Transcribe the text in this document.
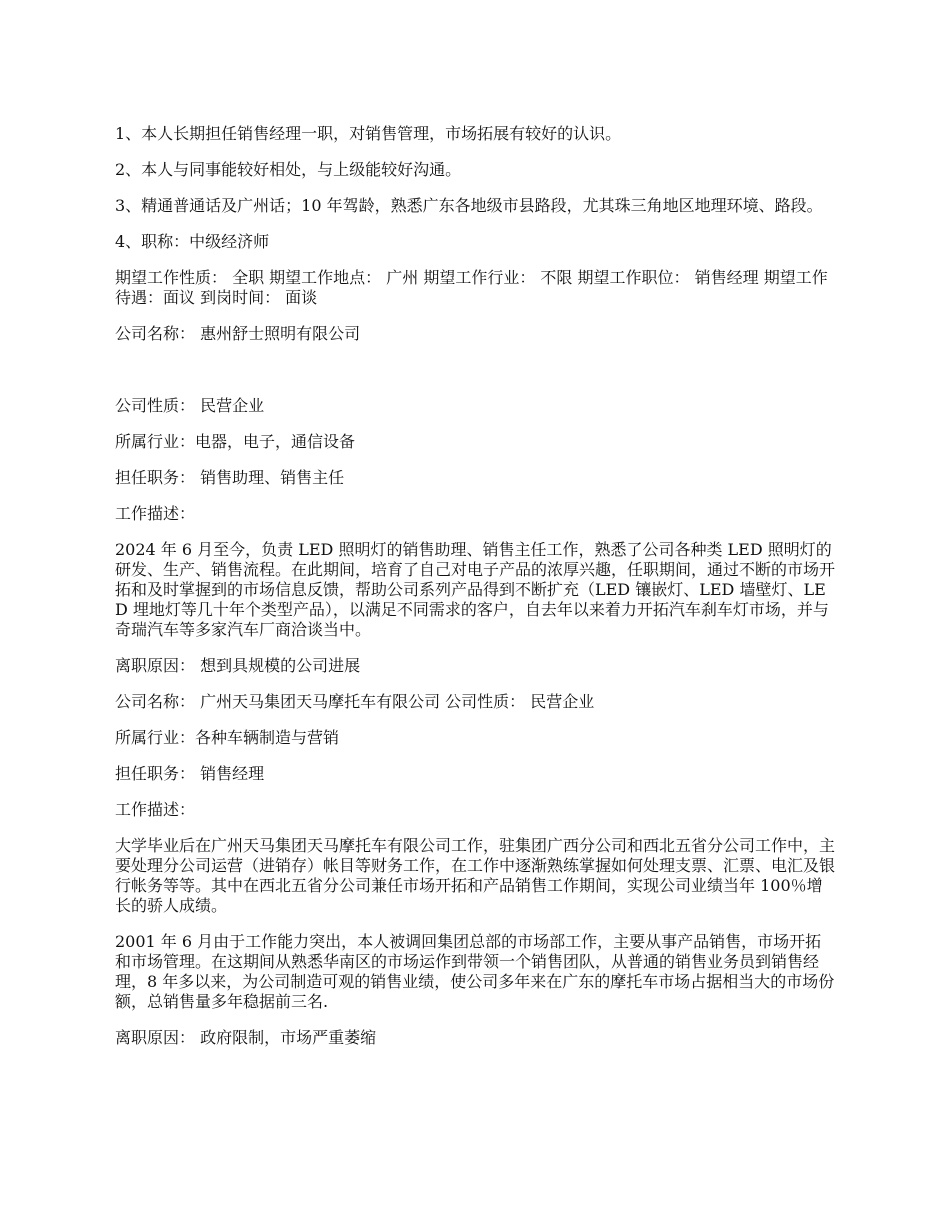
1、本人长期担任销售经理一职，对销售管理，市场拓展有较好的认识。

2、本人与同事能较好相处，与上级能较好沟通。

3、精通普通话及广州话；10 年驾龄，熟悉广东各地级市县路段，尤其珠三角地区地理环境、路段。

4、职称：中级经济师

期望工作性质： 全职 期望工作地点： 广州 期望工作行业： 不限 期望工作职位： 销售经理 期望工作待遇：面议 到岗时间： 面谈

公司名称： 惠州舒士照明有限公司

公司性质： 民营企业

所属行业：电器，电子，通信设备

担任职务： 销售助理、销售主任

工作描述：

2024 年 6 月至今，负责 LED 照明灯的销售助理、销售主任工作，熟悉了公司各种类 LED 照明灯的研发、生产、销售流程。在此期间，培育了自己对电子产品的浓厚兴趣，任职期间，通过不断的市场开拓和及时掌握到的市场信息反馈，帮助公司系列产品得到不断扩充（LED 镶嵌灯、LED 墙壁灯、LED 埋地灯等几十年个类型产品），以满足不同需求的客户，自去年以来着力开拓汽车刹车灯市场，并与奇瑞汽车等多家汽车厂商洽谈当中。

离职原因： 想到具规模的公司进展

公司名称： 广州天马集团天马摩托车有限公司 公司性质： 民营企业

所属行业：各种车辆制造与营销

担任职务： 销售经理

工作描述：

大学毕业后在广州天马集团天马摩托车有限公司工作，驻集团广西分公司和西北五省分公司工作中，主要处理分公司运营（进销存）帐目等财务工作，在工作中逐渐熟练掌握如何处理支票、汇票、电汇及银行帐务等等。其中在西北五省分公司兼任市场开拓和产品销售工作期间，实现公司业绩当年 100％增长的骄人成绩。

2001 年 6 月由于工作能力突出，本人被调回集团总部的市场部工作，主要从事产品销售，市场开拓和市场管理。在这期间从熟悉华南区的市场运作到带领一个销售团队，从普通的销售业务员到销售经理，8 年多以来，为公司制造可观的销售业绩，使公司多年来在广东的摩托车市场占据相当大的市场份额，总销售量多年稳据前三名.

离职原因： 政府限制，市场严重萎缩
